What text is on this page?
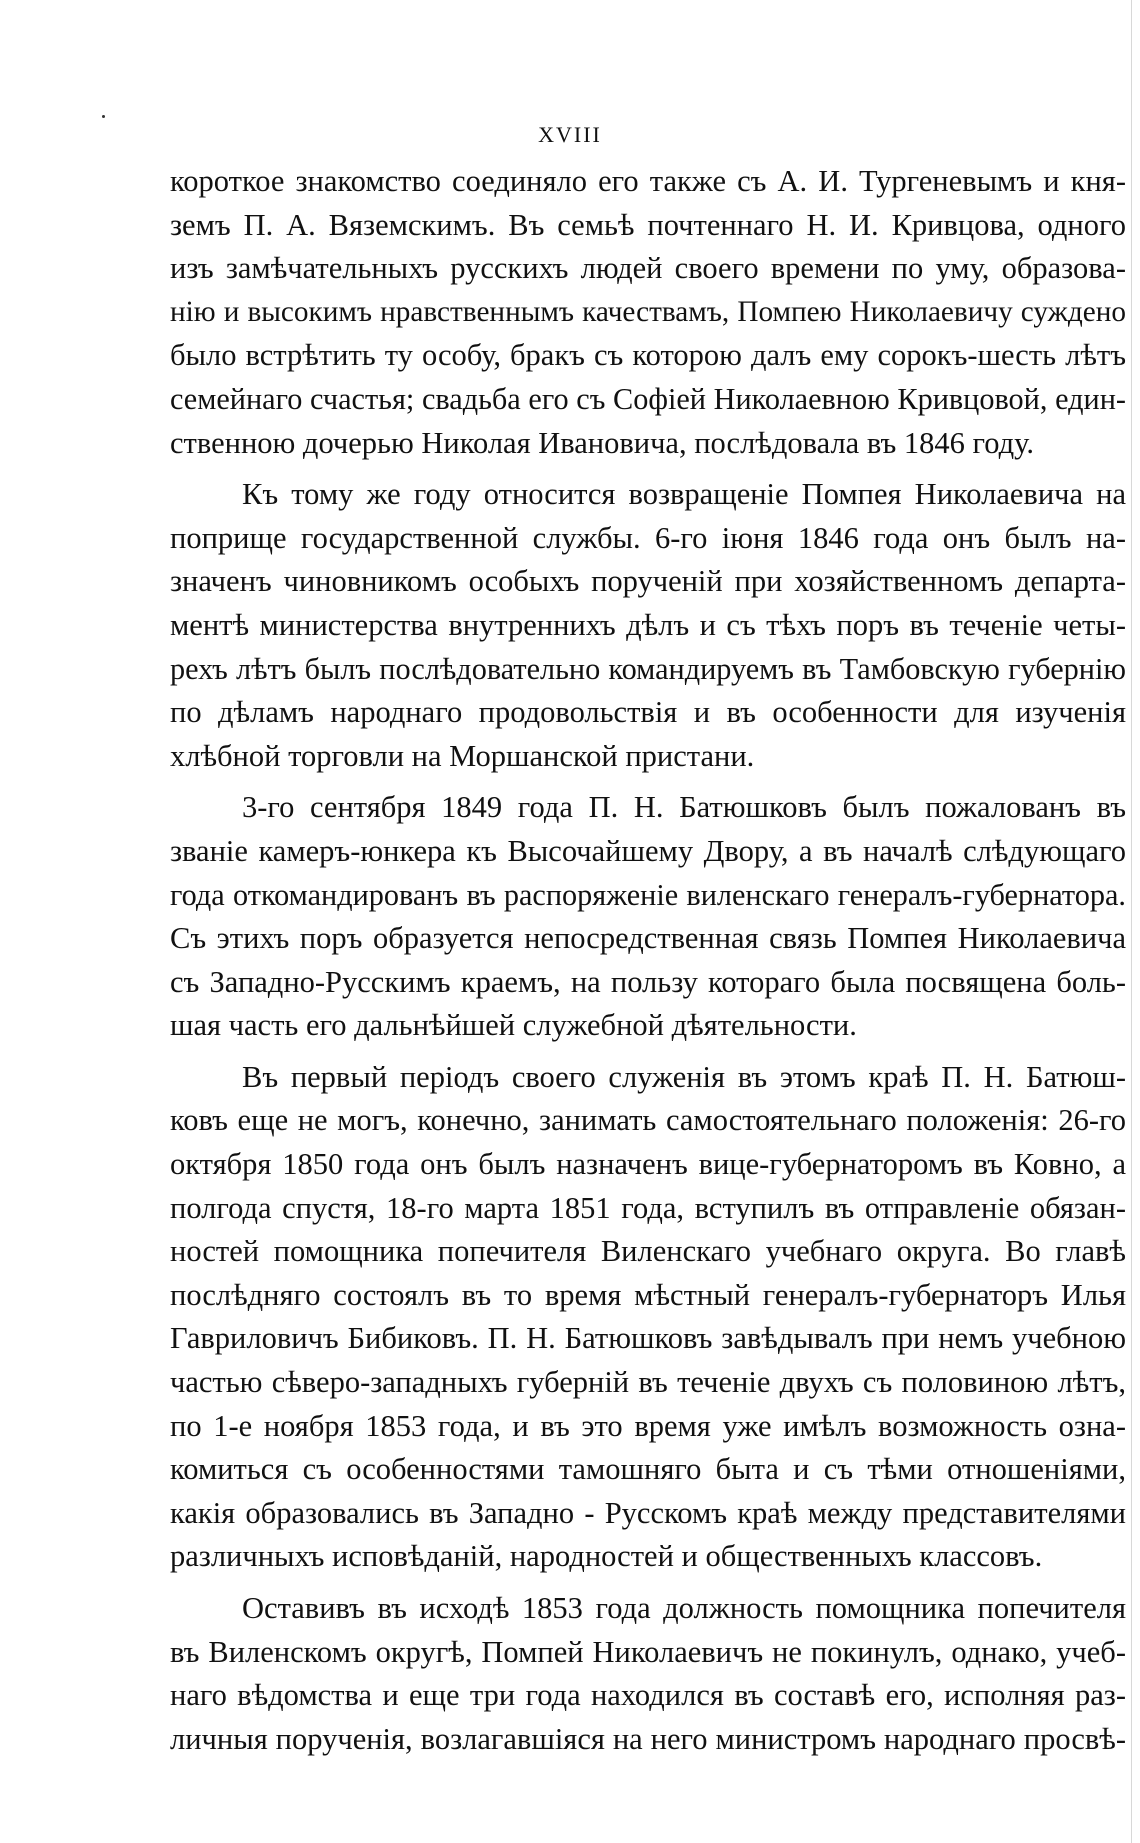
XVIII
короткое знакомство соединяло его также съ А. И. Тургеневымъ и кня-
земъ П. А. Вяземскимъ. Въ семьѣ почтеннаго Н. И. Кривцова, одного
изъ замѣчательныхъ русскихъ людей своего времени по уму, образова-
нію и высокимъ нравственнымъ качествамъ, Помпею Николаевичу суждено
было встрѣтить ту особу, бракъ съ которою далъ ему сорокъ-шесть лѣтъ
семейнаго счастья; свадьба его съ Софіей Николаевною Кривцовой, един-
ственною дочерью Николая Ивановича, послѣдовала въ 1846 году.
Къ тому же году относится возвращеніе Помпея Николаевича на
поприще государственной службы. 6-го іюня 1846 года онъ былъ на-
значенъ чиновникомъ особыхъ порученій при хозяйственномъ департа-
ментѣ министерства внутреннихъ дѣлъ и съ тѣхъ поръ въ теченіе четы-
рехъ лѣтъ былъ послѣдовательно командируемъ въ Тамбовскую губернію
по дѣламъ народнаго продовольствія и въ особенности для изученія
хлѣбной торговли на Моршанской пристани.
3-го сентября 1849 года П. Н. Батюшковъ былъ пожалованъ въ
званіе камеръ-юнкера къ Высочайшему Двору, а въ началѣ слѣдующаго
года откомандированъ въ распоряженіе виленскаго генералъ-губернатора.
Съ этихъ поръ образуется непосредственная связь Помпея Николаевича
съ Западно-Русскимъ краемъ, на пользу котораго была посвящена боль-
шая часть его дальнѣйшей служебной дѣятельности.
Въ первый періодъ своего служенія въ этомъ краѣ П. Н. Батюш-
ковъ еще не могъ, конечно, занимать самостоятельнаго положенія: 26-го
октября 1850 года онъ былъ назначенъ вице-губернаторомъ въ Ковно, а
полгода спустя, 18-го марта 1851 года, вступилъ въ отправленіе обязан-
ностей помощника попечителя Виленскаго учебнаго округа. Во главѣ
послѣдняго состоялъ въ то время мѣстный генералъ-губернаторъ Илья
Гавриловичъ Бибиковъ. П. Н. Батюшковъ завѣдывалъ при немъ учебною
частью сѣверо-западныхъ губерній въ теченіе двухъ съ половиною лѣтъ,
по 1-е ноября 1853 года, и въ это время уже имѣлъ возможность озна-
комиться съ особенностями тамошняго быта и съ тѣми отношеніями,
какія образовались въ Западно - Русскомъ краѣ между представителями
различныхъ исповѣданій, народностей и общественныхъ классовъ.
Оставивъ въ исходѣ 1853 года должность помощника попечителя
въ Виленскомъ округѣ, Помпей Николаевичъ не покинулъ, однако, учеб-
наго вѣдомства и еще три года находился въ составѣ его, исполняя раз-
личныя порученія, возлагавшіяся на него министромъ народнаго просвѣ-
